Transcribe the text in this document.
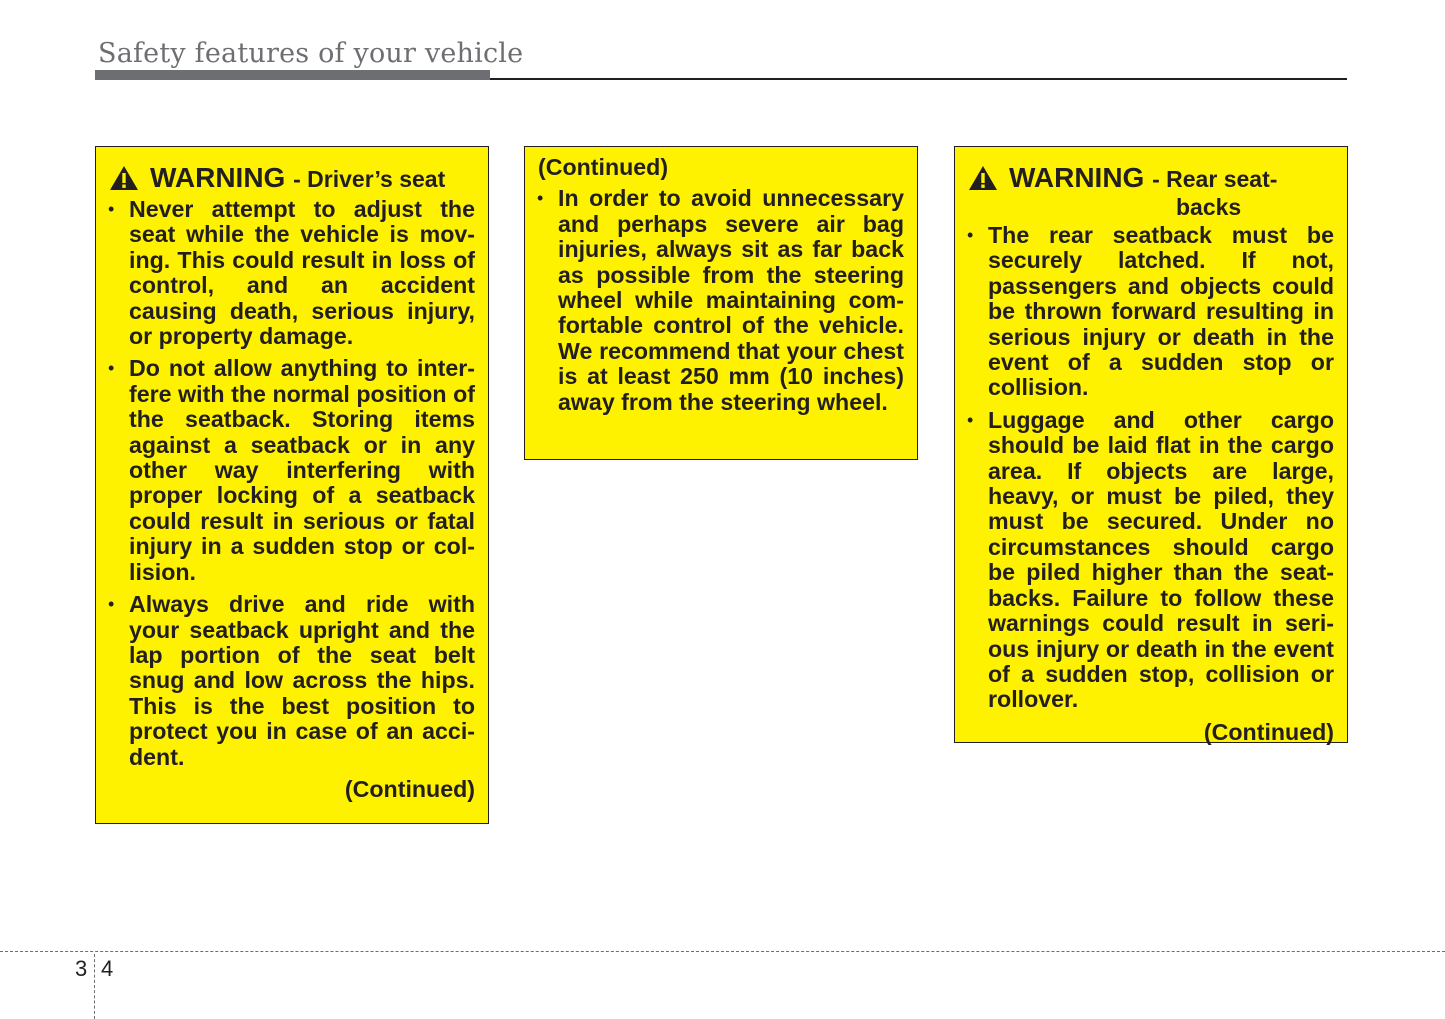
Safety features of your vehicle
WARNING - Driver’s seat
• Never attempt to adjust the seat while the vehicle is moving. This could result in loss of control, and an accident causing death, serious injury, or property damage.
• Do not allow anything to interfere with the normal position of the seatback. Storing items against a seatback or in any other way interfering with proper locking of a seatback could result in serious or fatal injury in a sudden stop or collision.
• Always drive and ride with your seatback upright and the lap portion of the seat belt snug and low across the hips. This is the best position to protect you in case of an accident.
(Continued)
(Continued)
• In order to avoid unnecessary and perhaps severe air bag injuries, always sit as far back as possible from the steering wheel while maintaining comfortable control of the vehicle. We recommend that your chest is at least 250 mm (10 inches) away from the steering wheel.
WARNING - Rear seat-
backs
• The rear seatback must be securely latched. If not, passengers and objects could be thrown forward resulting in serious injury or death in the event of a sudden stop or collision.
• Luggage and other cargo should be laid flat in the cargo area. If objects are large, heavy, or must be piled, they must be secured. Under no circumstances should cargo be piled higher than the seatbacks. Failure to follow these warnings could result in serious injury or death in the event of a sudden stop, collision or rollover.
(Continued)
3 4
